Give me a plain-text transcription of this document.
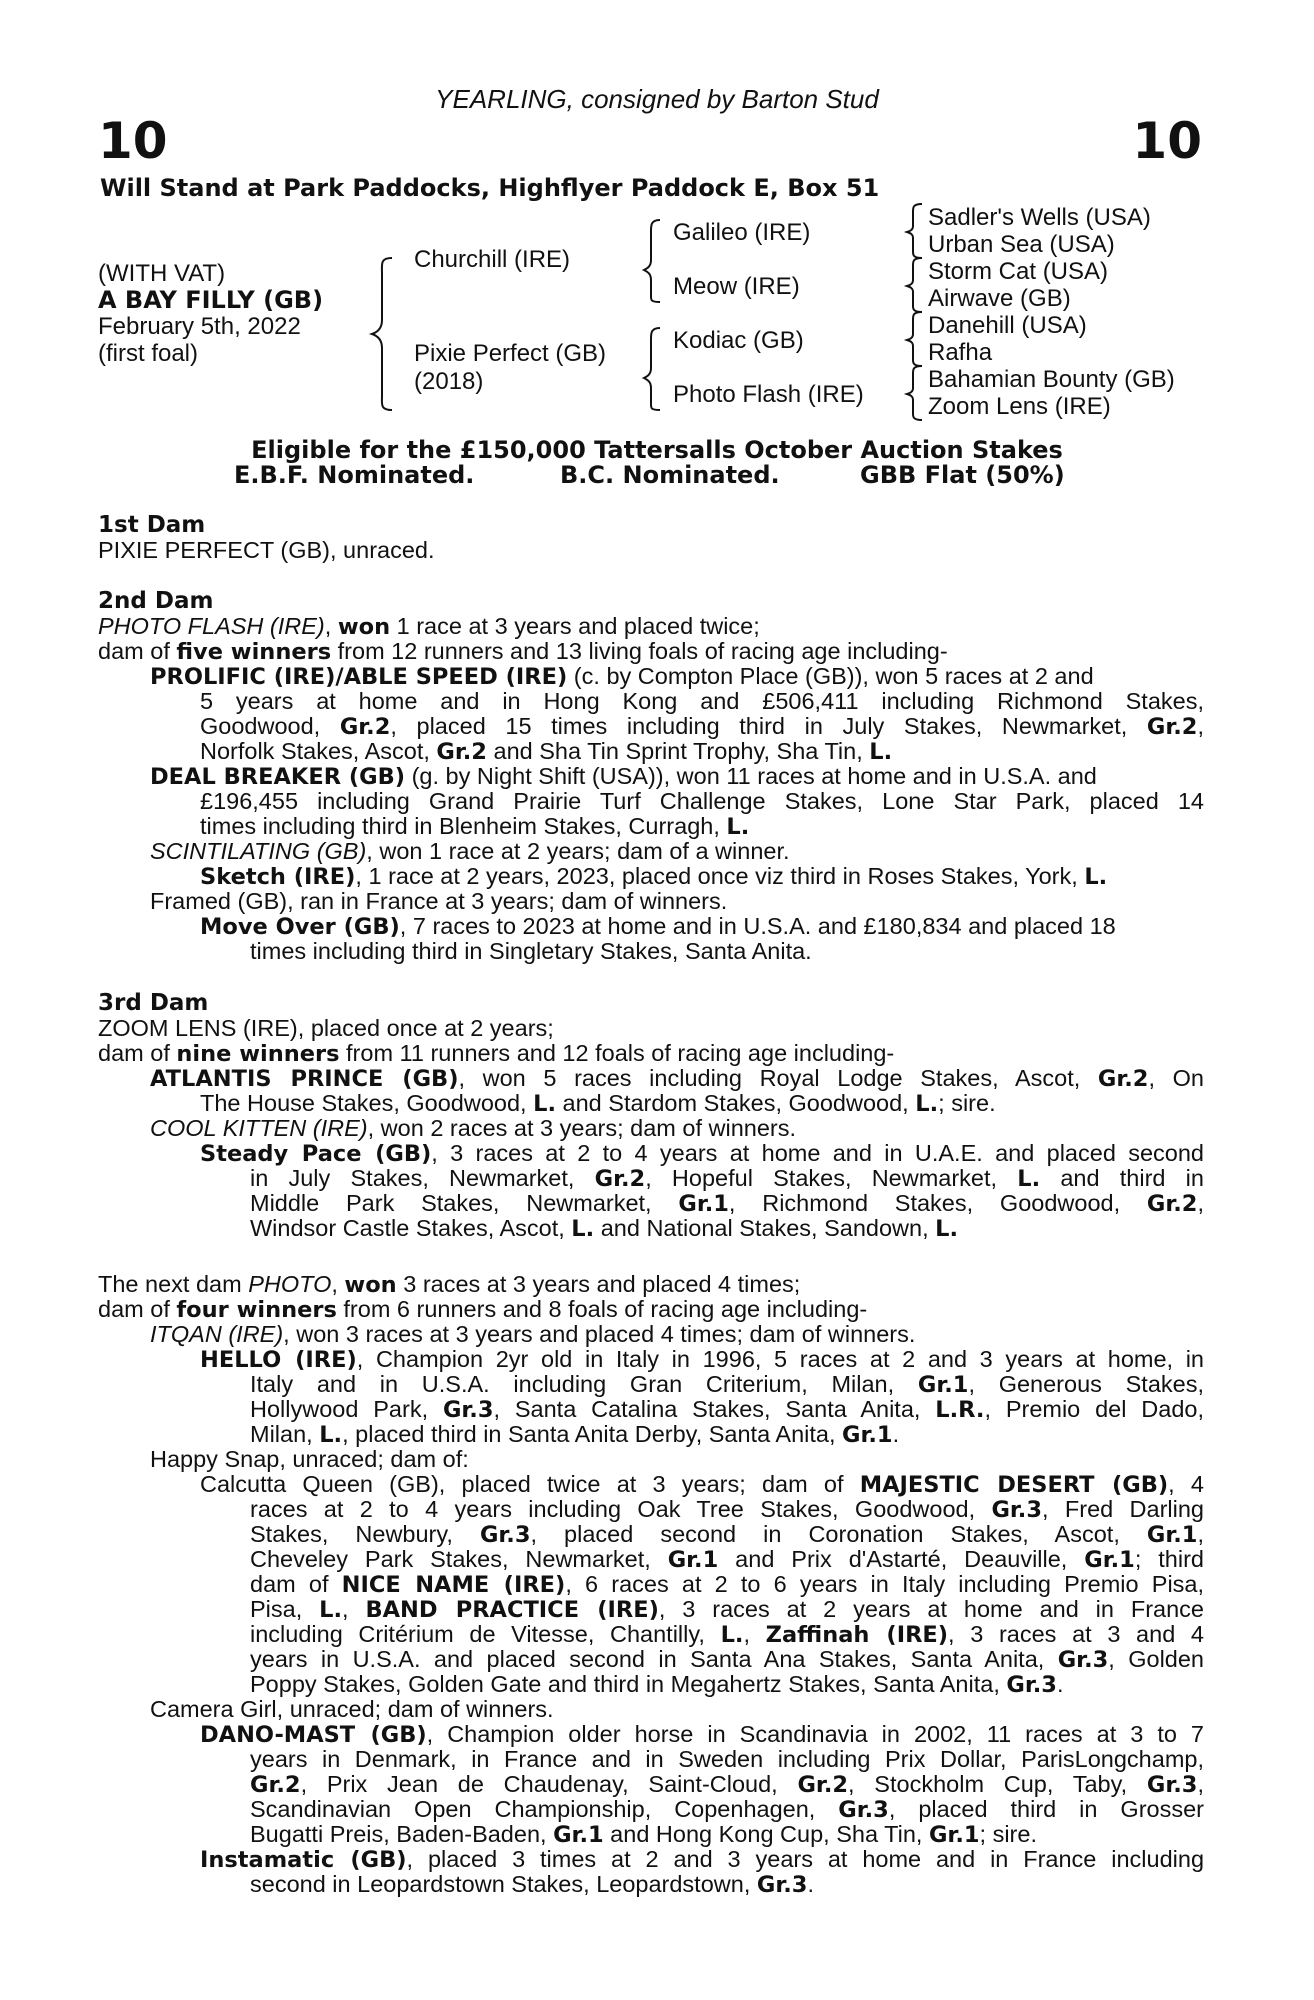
YEARLING, consigned by Barton Stud
10	10
Will Stand at Park Paddocks, Highflyer Paddock E, Box 51
(WITH VAT)
A BAY FILLY (GB)
February 5th, 2022
(first foal)
Churchill (IRE)
Pixie Perfect (GB)
(2018)
Galileo (IRE)
Meow (IRE)
Kodiac (GB)
Photo Flash (IRE)
Sadler's Wells (USA)
Urban Sea (USA)
Storm Cat (USA)
Airwave (GB)
Danehill (USA)
Rafha
Bahamian Bounty (GB)
Zoom Lens (IRE)
Eligible for the £150,000 Tattersalls October Auction Stakes
E.B.F. Nominated.	B.C. Nominated.	GBB Flat (50%)
1st Dam
PIXIE PERFECT (GB), unraced.
2nd Dam
PHOTO FLASH (IRE), won 1 race at 3 years and placed twice;
dam of five winners from 12 runners and 13 living foals of racing age including-
PROLIFIC (IRE)/ABLE SPEED (IRE) (c. by Compton Place (GB)), won 5 races at 2 and
5 years at home and in Hong Kong and £506,411 including Richmond Stakes,
Goodwood, Gr.2, placed 15 times including third in July Stakes, Newmarket, Gr.2,
Norfolk Stakes, Ascot, Gr.2 and Sha Tin Sprint Trophy, Sha Tin, L.
DEAL BREAKER (GB) (g. by Night Shift (USA)), won 11 races at home and in U.S.A. and
£196,455 including Grand Prairie Turf Challenge Stakes, Lone Star Park, placed 14
times including third in Blenheim Stakes, Curragh, L.
SCINTILATING (GB), won 1 race at 2 years; dam of a winner.
Sketch (IRE), 1 race at 2 years, 2023, placed once viz third in Roses Stakes, York, L.
Framed (GB), ran in France at 3 years; dam of winners.
Move Over (GB), 7 races to 2023 at home and in U.S.A. and £180,834 and placed 18
times including third in Singletary Stakes, Santa Anita.
3rd Dam
ZOOM LENS (IRE), placed once at 2 years;
dam of nine winners from 11 runners and 12 foals of racing age including-
ATLANTIS PRINCE (GB), won 5 races including Royal Lodge Stakes, Ascot, Gr.2, On
The House Stakes, Goodwood, L. and Stardom Stakes, Goodwood, L.; sire.
COOL KITTEN (IRE), won 2 races at 3 years; dam of winners.
Steady Pace (GB), 3 races at 2 to 4 years at home and in U.A.E. and placed second
in July Stakes, Newmarket, Gr.2, Hopeful Stakes, Newmarket, L. and third in
Middle Park Stakes, Newmarket, Gr.1, Richmond Stakes, Goodwood, Gr.2,
Windsor Castle Stakes, Ascot, L. and National Stakes, Sandown, L.
The next dam PHOTO, won 3 races at 3 years and placed 4 times;
dam of four winners from 6 runners and 8 foals of racing age including-
ITQAN (IRE), won 3 races at 3 years and placed 4 times; dam of winners.
HELLO (IRE), Champion 2yr old in Italy in 1996, 5 races at 2 and 3 years at home, in
Italy and in U.S.A. including Gran Criterium, Milan, Gr.1, Generous Stakes,
Hollywood Park, Gr.3, Santa Catalina Stakes, Santa Anita, L.R., Premio del Dado,
Milan, L., placed third in Santa Anita Derby, Santa Anita, Gr.1.
Happy Snap, unraced; dam of:
Calcutta Queen (GB), placed twice at 3 years; dam of MAJESTIC DESERT (GB), 4
races at 2 to 4 years including Oak Tree Stakes, Goodwood, Gr.3, Fred Darling
Stakes, Newbury, Gr.3, placed second in Coronation Stakes, Ascot, Gr.1,
Cheveley Park Stakes, Newmarket, Gr.1 and Prix d'Astarté, Deauville, Gr.1; third
dam of NICE NAME (IRE), 6 races at 2 to 6 years in Italy including Premio Pisa,
Pisa, L., BAND PRACTICE (IRE), 3 races at 2 years at home and in France
including Critérium de Vitesse, Chantilly, L., Zaffinah (IRE), 3 races at 3 and 4
years in U.S.A. and placed second in Santa Ana Stakes, Santa Anita, Gr.3, Golden
Poppy Stakes, Golden Gate and third in Megahertz Stakes, Santa Anita, Gr.3.
Camera Girl, unraced; dam of winners.
DANO-MAST (GB), Champion older horse in Scandinavia in 2002, 11 races at 3 to 7
years in Denmark, in France and in Sweden including Prix Dollar, ParisLongchamp,
Gr.2, Prix Jean de Chaudenay, Saint-Cloud, Gr.2, Stockholm Cup, Taby, Gr.3,
Scandinavian Open Championship, Copenhagen, Gr.3, placed third in Grosser
Bugatti Preis, Baden-Baden, Gr.1 and Hong Kong Cup, Sha Tin, Gr.1; sire.
Instamatic (GB), placed 3 times at 2 and 3 years at home and in France including
second in Leopardstown Stakes, Leopardstown, Gr.3.
